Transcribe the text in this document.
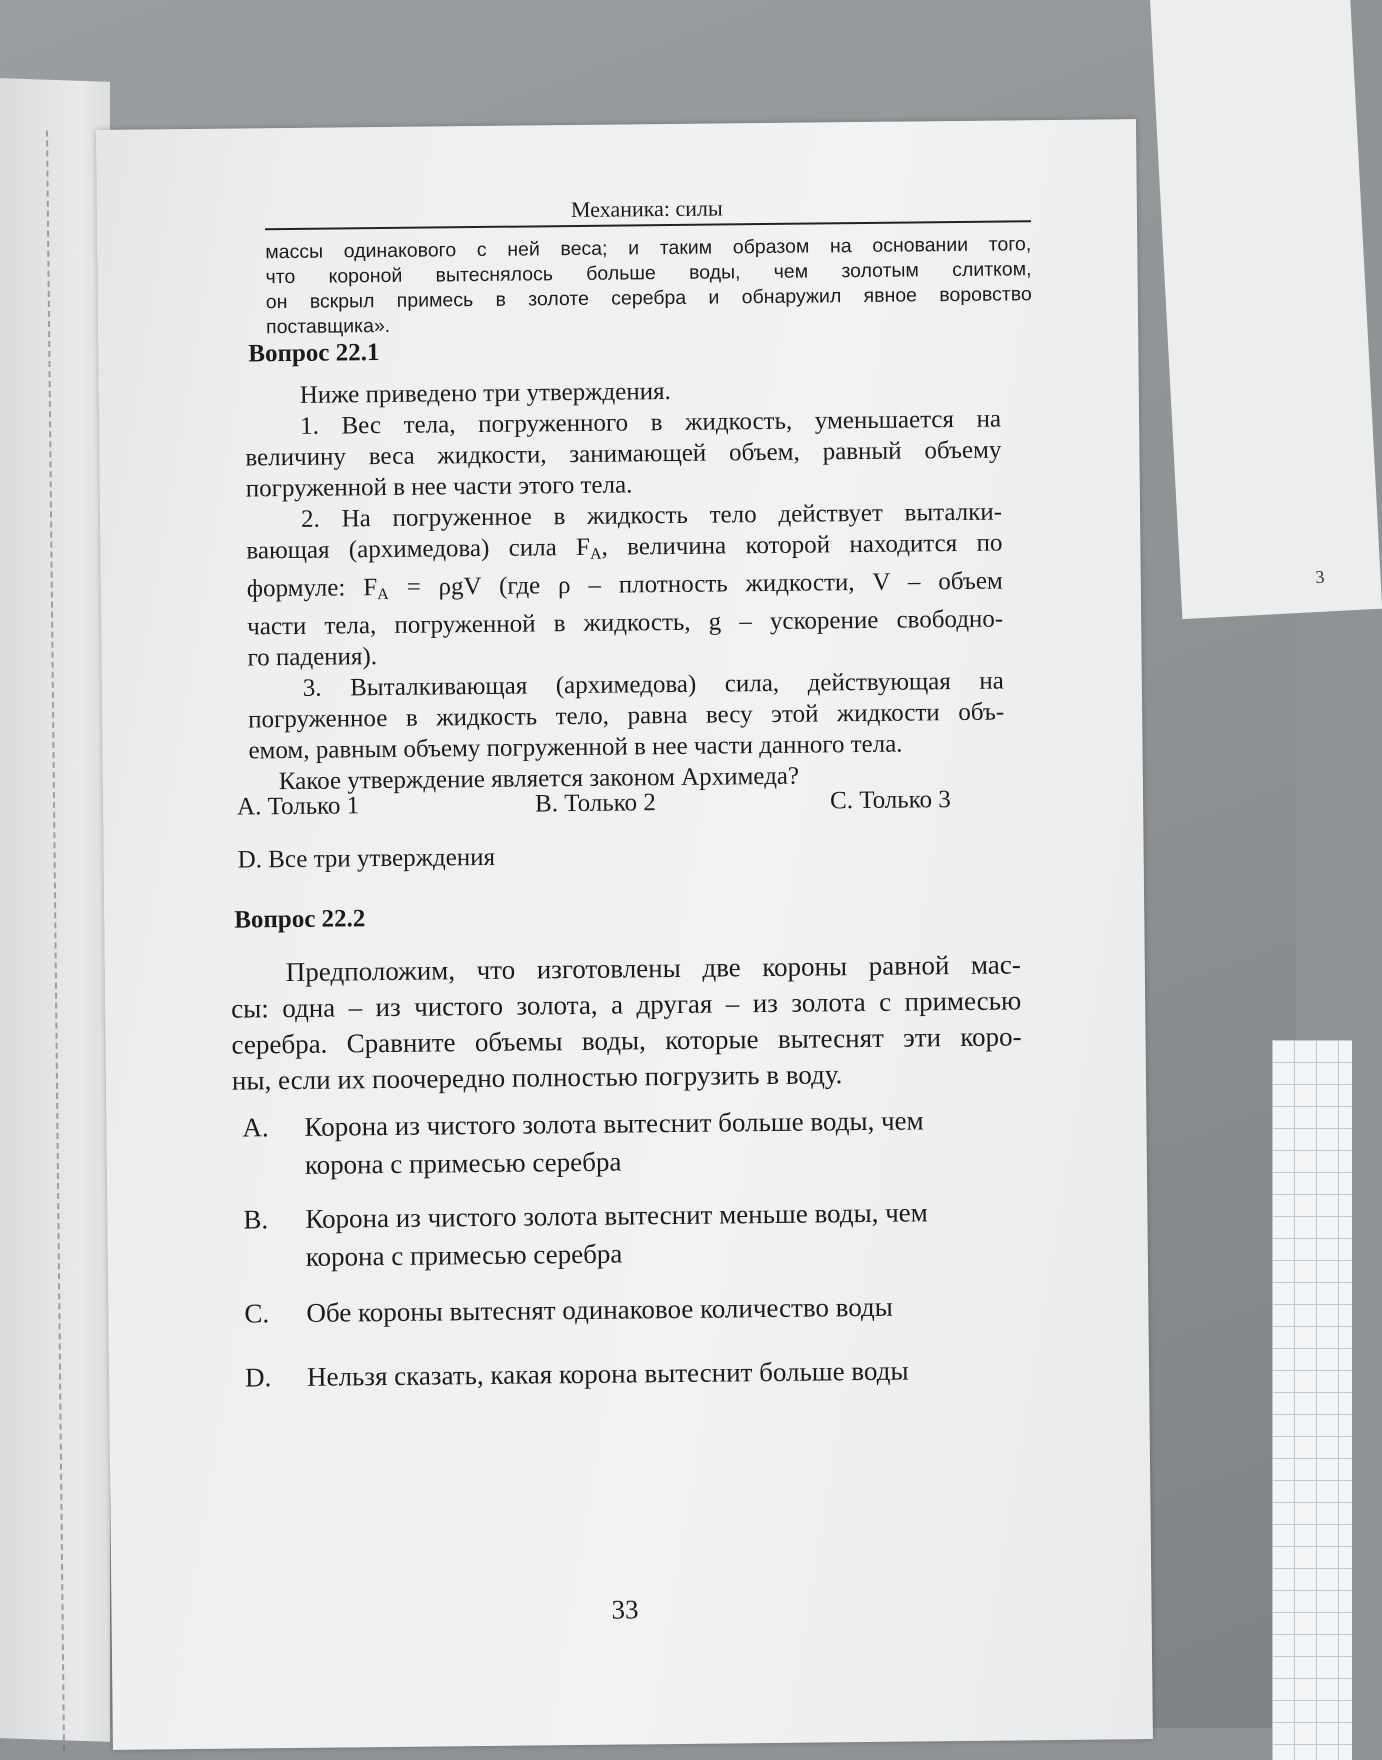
3
Механика: силы
массы одинакового с ней веса; и таким образом на основании того,
что короной вытеснялось больше воды, чем золотым слитком,
он вскрыл примесь в золоте серебра и обнаружил явное воровство
поставщика».
Вопрос 22.1
Ниже приведено три утверждения.
1. Вес тела, погруженного в жидкость, уменьшается на
величину веса жидкости, занимающей объем, равный объему
погруженной в нее части этого тела.
2. На погруженное в жидкость тело действует выталки-
вающая (архимедова) сила $F_A$, величина которой находится по
формуле: $F_A = \rho gV$ (где ρ – плотность жидкости, V – объем
части тела, погруженной в жидкость, g – ускорение свободно-
го падения).
3. Выталкивающая (архимедова) сила, действующая на
погруженное в жидкость тело, равна весу этой жидкости объ-
емом, равным объему погруженной в нее части данного тела.
Какое утверждение является законом Архимеда?
A. Только 1	B. Только 2	C. Только 3
D. Все три утверждения
Вопрос 22.2
Предположим, что изготовлены две короны равной мас-
сы: одна – из чистого золота, а другая – из золота с примесью
серебра. Сравните объемы воды, которые вытеснят эти коро-
ны, если их поочередно полностью погрузить в воду.
A. Корона из чистого золота вытеснит больше воды, чем
корона с примесью серебра
B. Корона из чистого золота вытеснит меньше воды, чем
корона с примесью серебра
C. Обе короны вытеснят одинаковое количество воды
D. Нельзя сказать, какая корона вытеснит больше воды
33
